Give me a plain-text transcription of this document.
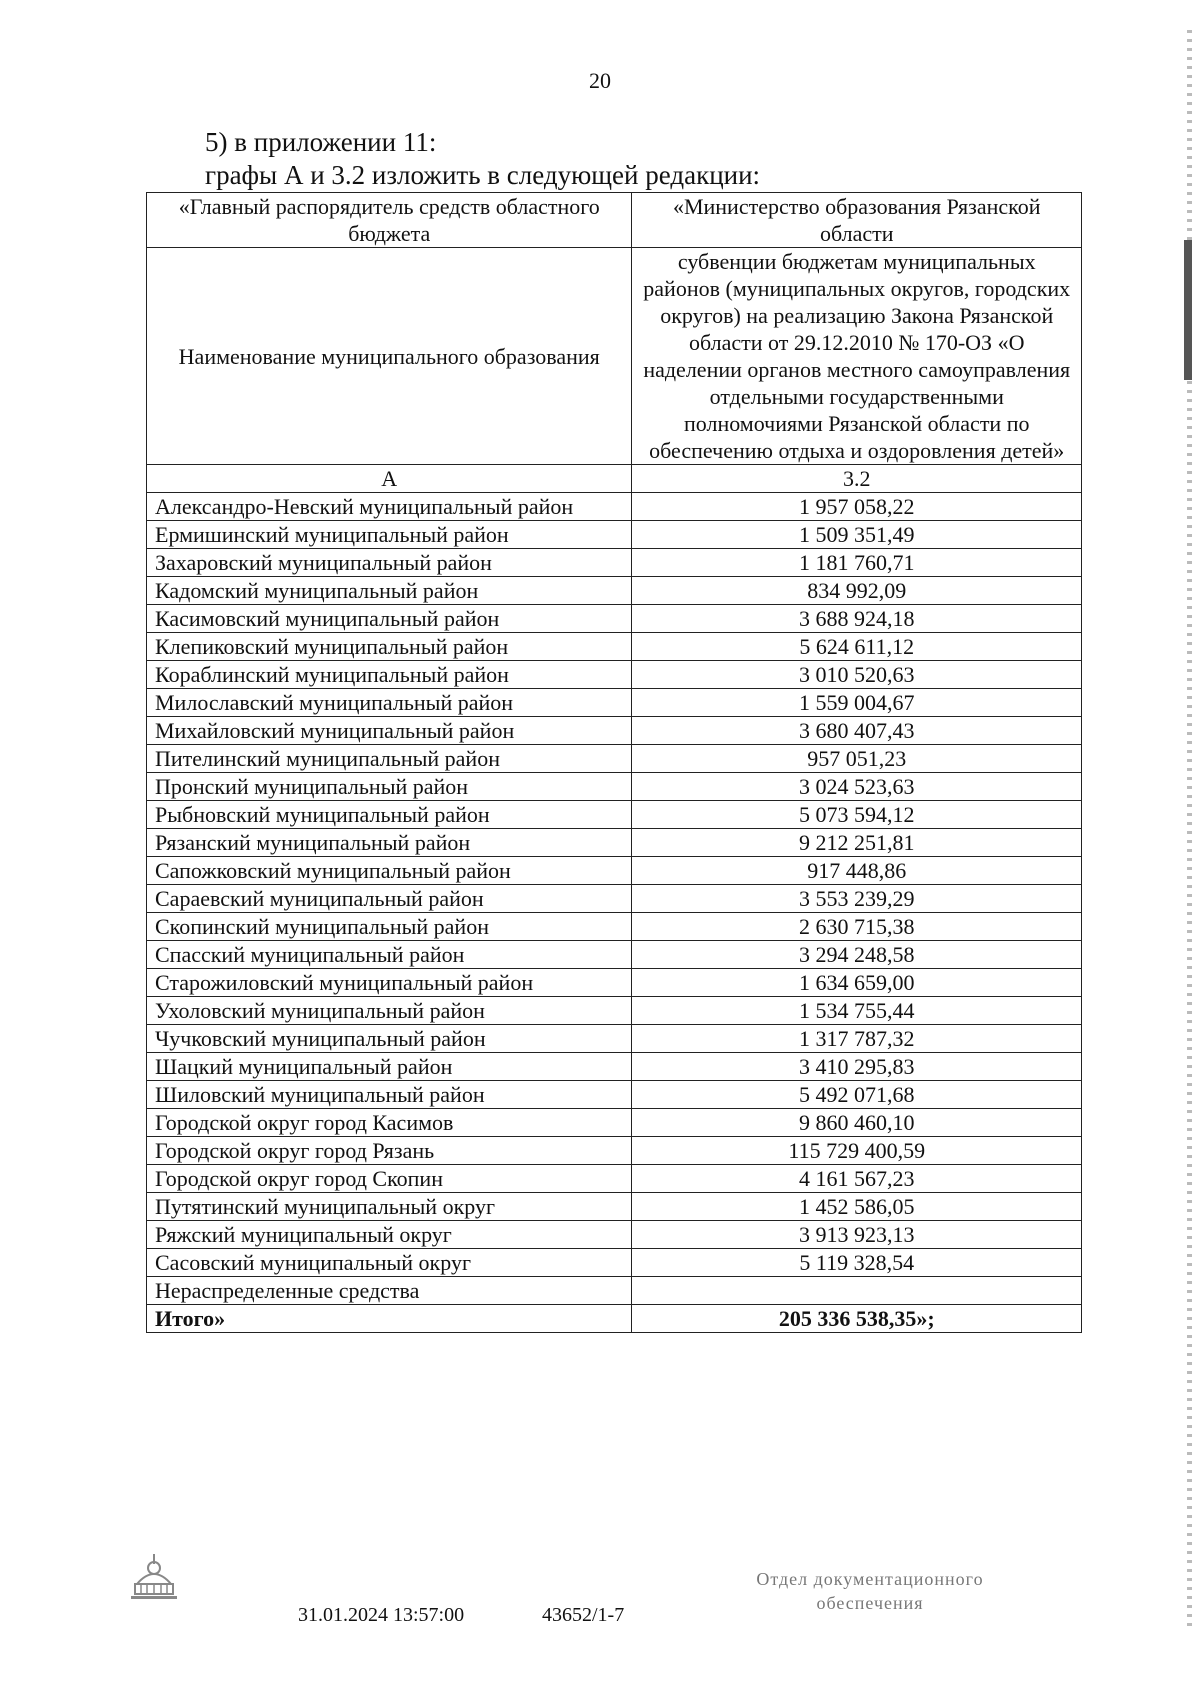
20
5) в приложении 11:
графы А и 3.2 изложить в следующей редакции:
«Главный распорядитель средств областного бюджета	«Министерство образования Рязанской области
Наименование муниципального образования	субвенции бюджетам муниципальных районов (муниципальных округов, городских округов) на реализацию Закона Рязанской области от 29.12.2010 № 170-ОЗ «О наделении органов местного самоуправления отдельными государственными полномочиями Рязанской области по обеспечению отдыха и оздоровления детей»
А	3.2
Александро-Невский муниципальный район	1 957 058,22
Ермишинский муниципальный район	1 509 351,49
Захаровский муниципальный район	1 181 760,71
Кадомский муниципальный район	834 992,09
Касимовский муниципальный район	3 688 924,18
Клепиковский муниципальный район	5 624 611,12
Кораблинский муниципальный район	3 010 520,63
Милославский муниципальный район	1 559 004,67
Михайловский муниципальный район	3 680 407,43
Пителинский муниципальный район	957 051,23
Пронский муниципальный район	3 024 523,63
Рыбновский муниципальный район	5 073 594,12
Рязанский муниципальный район	9 212 251,81
Сапожковский муниципальный район	917 448,86
Сараевский муниципальный район	3 553 239,29
Скопинский муниципальный район	2 630 715,38
Спасский муниципальный район	3 294 248,58
Старожиловский муниципальный район	1 634 659,00
Ухоловский муниципальный район	1 534 755,44
Чучковский муниципальный район	1 317 787,32
Шацкий муниципальный район	3 410 295,83
Шиловский муниципальный район	5 492 071,68
Городской округ город Касимов	9 860 460,10
Городской округ город Рязань	115 729 400,59
Городской округ город Скопин	4 161 567,23
Путятинский муниципальный округ	1 452 586,05
Ряжский муниципальный округ	3 913 923,13
Сасовский муниципальный округ	5 119 328,54
Нераспределенные средства	
Итого»	205 336 538,35»;
31.01.2024 13:57:00	43652/1-7
Отдел документационного
обеспечения
